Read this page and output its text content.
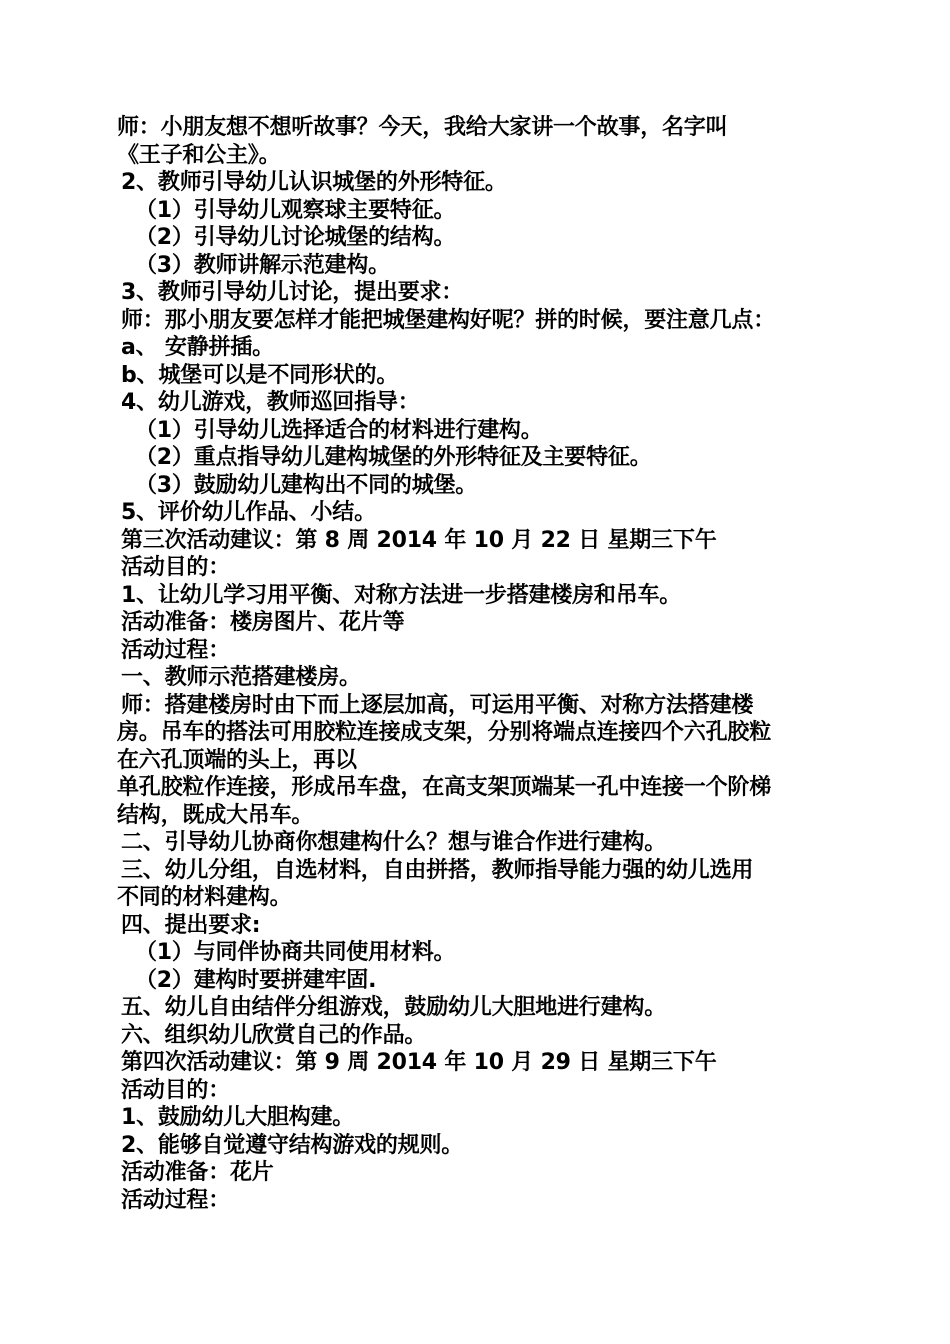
师：小朋友想不想听故事？今天，我给大家讲一个故事，名字叫
《王子和公主》。
2、教师引导幼儿认识城堡的外形特征。
（1）引导幼儿观察球主要特征。
（2）引导幼儿讨论城堡的结构。
（3）教师讲解示范建构。
3、教师引导幼儿讨论，提出要求：
师：那小朋友要怎样才能把城堡建构好呢？拼的时候，要注意几点：
a、 安静拼插。
b、城堡可以是不同形状的。
4、幼儿游戏，教师巡回指导：
（1）引导幼儿选择适合的材料进行建构。
（2）重点指导幼儿建构城堡的外形特征及主要特征。
（3）鼓励幼儿建构出不同的城堡。
5、评价幼儿作品、小结。
第三次活动建议：第 8 周 2014 年 10 月 22 日 星期三下午
活动目的：
1、让幼儿学习用平衡、对称方法进一步搭建楼房和吊车。
活动准备：楼房图片、花片等
活动过程：
一、教师示范搭建楼房。
师：搭建楼房时由下而上逐层加高，可运用平衡、对称方法搭建楼
房。吊车的搭法可用胶粒连接成支架，分别将端点连接四个六孔胶粒
在六孔顶端的头上，再以
单孔胶粒作连接，形成吊车盘，在高支架顶端某一孔中连接一个阶梯
结构，既成大吊车。
二、引导幼儿协商你想建构什么？想与谁合作进行建构。
三、幼儿分组，自选材料，自由拼搭，教师指导能力强的幼儿选用
不同的材料建构。
四、提出要求:
（1）与同伴协商共同使用材料。
（2）建构时要拼建牢固.
五、幼儿自由结伴分组游戏，鼓励幼儿大胆地进行建构。
六、组织幼儿欣赏自己的作品。
第四次活动建议：第 9 周 2014 年 10 月 29 日 星期三下午
活动目的：
1、鼓励幼儿大胆构建。
2、能够自觉遵守结构游戏的规则。
活动准备：花片
活动过程：
